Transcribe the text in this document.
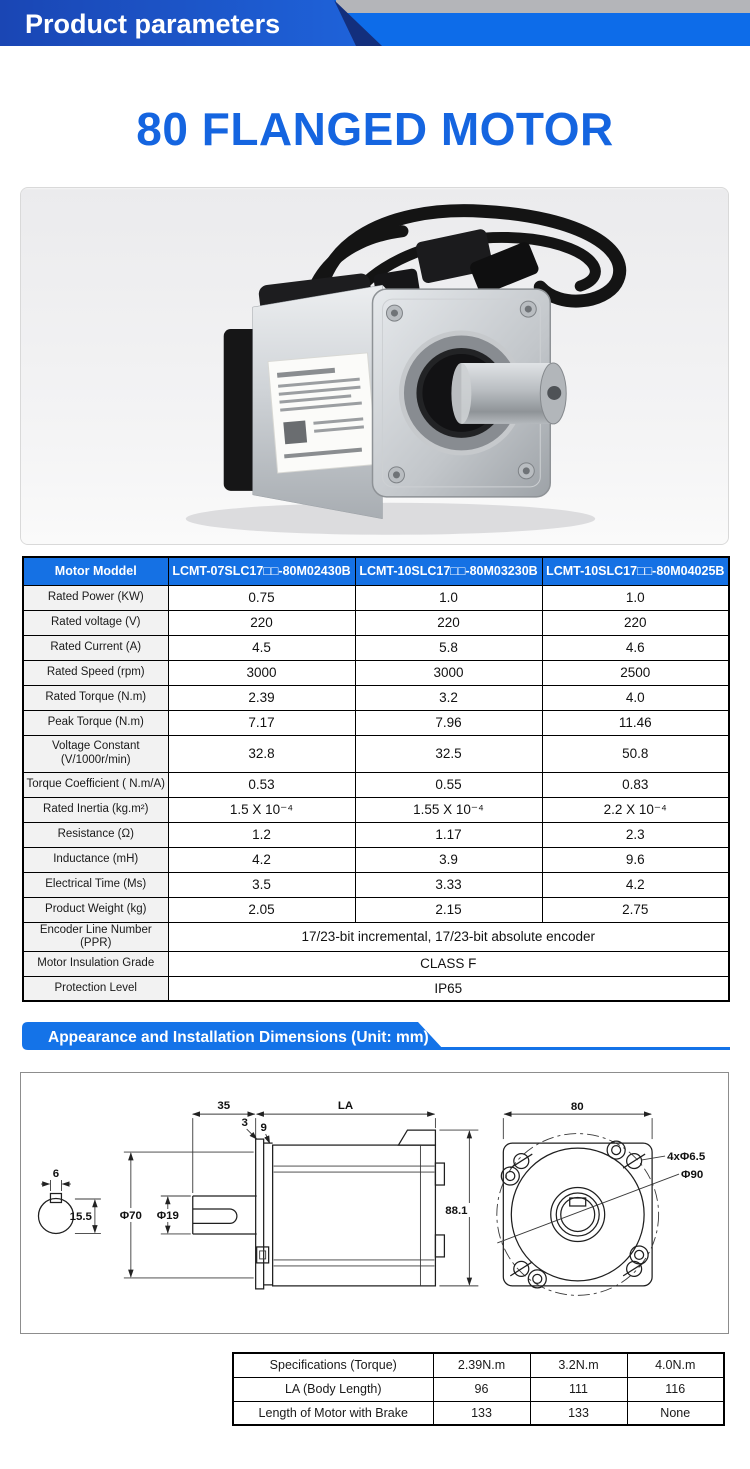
Product parameters
80 FLANGED MOTOR
Motor Moddel	LCMT-07SLC17□□-80M02430B	LCMT-10SLC17□□-80M03230B	LCMT-10SLC17□□-80M04025B
Rated Power (KW)	0.75	1.0	1.0
Rated voltage (V)	220	220	220
Rated Current (A)	4.5	5.8	4.6
Rated Speed (rpm)	3000	3000	2500
Rated Torque (N.m)	2.39	3.2	4.0
Peak Torque (N.m)	7.17	7.96	11.46
Voltage Constant (V/1000r/min)	32.8	32.5	50.8
Torque Coefficient ( N.m/A)	0.53	0.55	0.83
Rated Inertia (kg.m²)	1.5 X 10⁻⁴	1.55 X 10⁻⁴	2.2 X 10⁻⁴
Resistance (Ω)	1.2	1.17	2.3
Inductance (mH)	4.2	3.9	9.6
Electrical Time (Ms)	3.5	3.33	4.2
Product Weight (kg)	2.05	2.15	2.75
Encoder Line Number (PPR)	17/23-bit incremental, 17/23-bit absolute encoder		
Motor Insulation Grade	CLASS F		
Protection Level	IP65		
Appearance and Installation Dimensions (Unit: mm)
6
15.5
35	LA
3 9
Φ70 Φ19	88.1
80
4xΦ6.5
Φ90
Specifications (Torque)	2.39N.m	3.2N.m	4.0N.m
LA (Body Length)	96	111	116
Length of Motor with Brake	133	133	None
